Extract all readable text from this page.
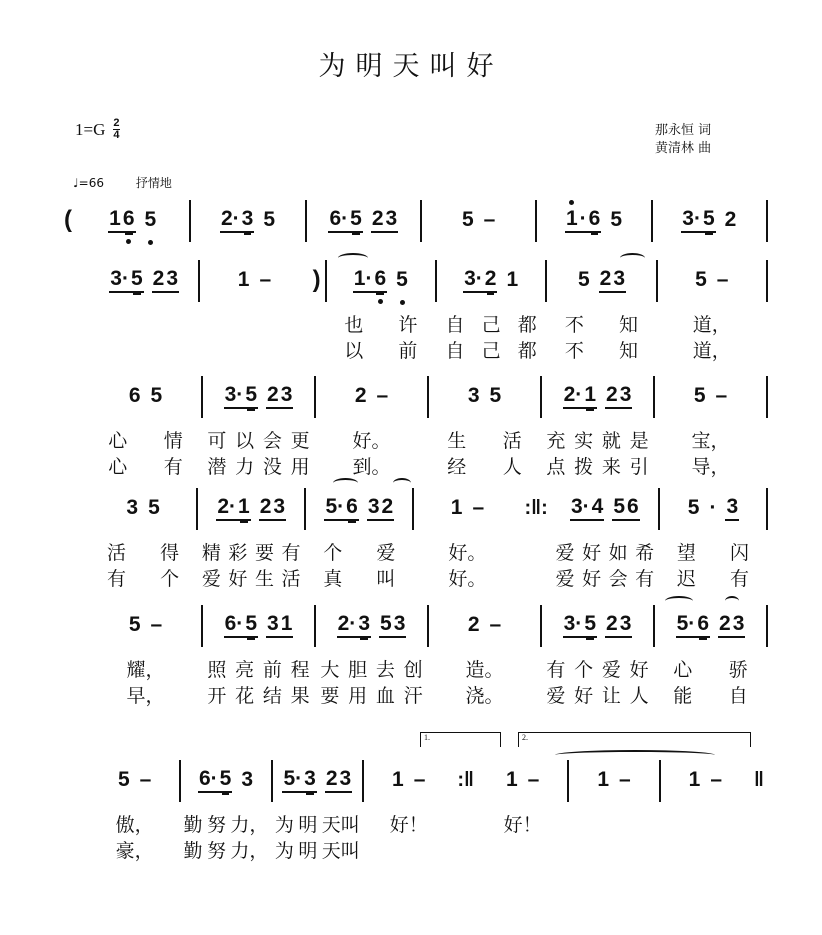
为明天叫好
$1=G \frac{2}{4}$	那永恒 词
黄清林 曲
♩=66	抒情地
( 1 6 5	2· 3 5	6· 5 2 3	5 –	1 · 6 5	3· 5 2
3· 5 2 3	1 – ) 1· 6 5
也 许
以 前
3· 2 1
自 己 都
自 己 都
5 2 3
不 知
不 知
5 –
道，
道，
6 5
心 情
心 有
3· 5 2 3
可 以 会 更
潜 力 没 用
2 –
好。
到。
3 5
生 活
经 人
2· 1 2 3
充 实 就 是
点 拨 来 引
5 –
宝，
导，
3 5
活 得
有 个
2· 1 2 3
精 彩 要 有
爱 好 生 活
5· 6 3 2
个 爱
真 叫
1 –
好。
好。
:‖: 3· 4 5 6
爱 好 如 希
爱 好 会 有
5 · 3
望 闪
迟 有
5 –
耀，
早，
6· 5 3 1
照 亮 前 程
开 花 结 果
2· 3 5 3
大 胆 去 创
要 用 血 汗
2 –
造。
浇。
3· 5 2 3
有 个 爱 好
爱 好 让 人
5· 6 2 3
心 骄
能 自
5 –
傲，
豪，
6· 5 3
勤 努 力，
勤 努 力，
5· 3 2 3
为 明 天叫
为 明 天叫
1 –
好！
:‖ 1 –
好！
1 –	1 – ‖
1.	2.
